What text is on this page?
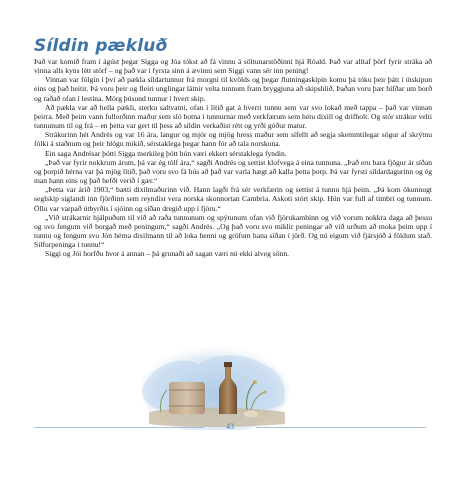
Síldin pækluð

Það var komið fram í ágúst þegar Sigga og Jóa tókst að fá vinnu á söltunarstöðinni hjá Róald. Það var alltaf þörf fyrir stráka að vinna alls kyns létt störf – og það var í fyrsta sinn á ævinni sem Siggi vann sér inn pening!

Vinnan var fólgin í því að pækla síldartunnur frá morgni til kvölds og þegar flutningaskipin komu þá tóku þeir þátt í útskipun eins og það heitir. Þá voru þeir og fleiri unglingar látnir velta tunnum fram bryggjuna að skipshlið. Þaðan voru þær hífðar um borð og raðað ofan í lestina. Mörg þúsund tunnur í hvert skip.

Að pækla var að hella pækli, sterku saltvatni, ofan í lítið gat á hverri tunnu sem var svo lokað með tappa – það var vinnan þeirra. Með þeim vann fullorðinn maður sem sló botna í tunnurnar með verkfærum sem hétu dixill og drifholt. Og stór strákur velti tunnunum til og frá – en þetta var gert til þess að síldin verkaðist rétt og yrði góður matur.

Strákurinn hét Andrés og var 16 ára, langur og mjór og mjög hress maður sem sífellt að segja skemmtilegar sögur af skrýtnu fólki á staðnum og þeir hlógu mikið, sérstaklega þegar hann fór að tala norskuna.

Ein saga Andrésar þótti Sigga merkileg þótt hún væri ekkert sérstaklega fyndin.

„Það var fyrir nokkrum árum, þá var ég tólf ára,“ sagði Andrés og settist klofvega á eina tunnuna. „Það eru bara fjögur ár síðan og þorpið hérna var þá mjög lítið, það voru svo fá hús að það var varla hægt að kalla þetta þorp. Þá var fyrsti síldardagurinn og ég man hann eins og það hefði verið í gær.“

„Þetta var árið 1903,“ bætti dixilmaðurinn við. Hann lagði frá sér verkfærin og settist á tunnu hjá þeim. „Þá kom ókunnugt seglskip siglandi inn fjörðinn sem reyndist vera norska skonnortan Cambria. Askoti stórt skip. Hún var full af timbri og tunnum. Öllu var varpað útbyrðis í sjóinn og síðan dregið upp í fjöru.“

„Við strákarnir hjálpuðum til við að raða tunnunum og spýtunum ofan við fjörukambinn og við vorum nokkra daga að þessu og svo fengum við borgað með peningum,“ sagði Andrés. „Og það voru svo miklir peningar að við urðum að moka þeim upp í tunnu og fengum svo Jón hérna dixilmann til að loka henni og gröfum hana síðan í jörð. Og nú eigum við fjársjóð á földum stað. Silfurpeninga í tunnu!“

Siggi og Jói horfðu hvor á annan – þá grunaði að sagan væri nú ekki alveg sönn.

43
